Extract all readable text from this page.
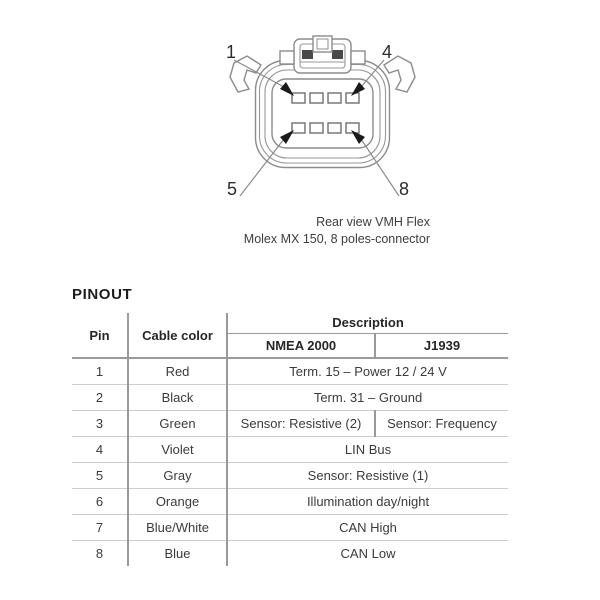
1	4
5	8
Rear view VMH Flex
Molex MX 150, 8 poles-connector
PINOUT
Pin	Cable color	Description	
		NMEA 2000	J1939
1	Red	Term. 15 – Power 12 / 24 V	
2	Black	Term. 31 – Ground	
3	Green	Sensor: Resistive (2)	Sensor: Frequency
4	Violet	LIN Bus	
5	Gray	Sensor: Resistive (1)	
6	Orange	Illumination day/night	
7	Blue/White	CAN High	
8	Blue	CAN Low	
